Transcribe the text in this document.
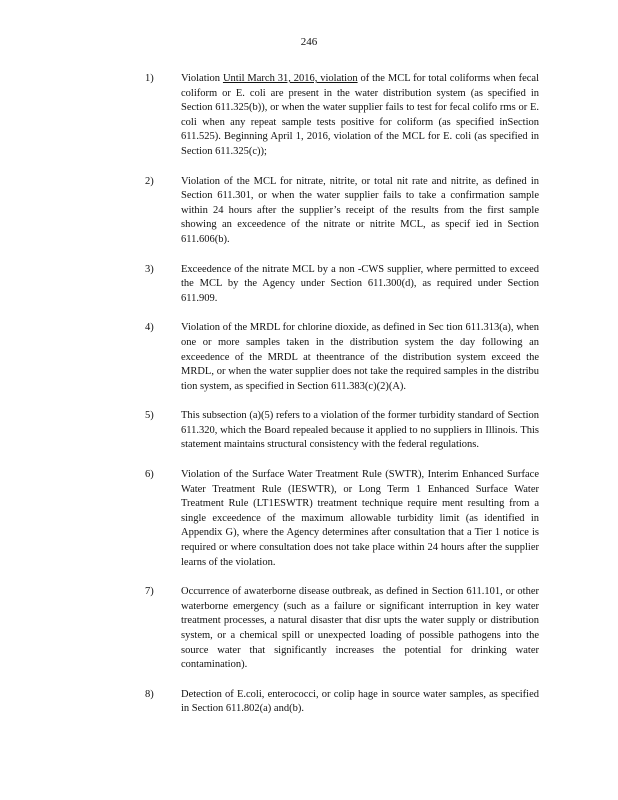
246
1)	Violation Until March 31, 2016, violation of the MCL for total coliforms when fecal coliform or E. coli are present in the water distribution system (as specified in Section 611.325(b)), or when the water supplier fails to test for fecal colifo rms or E. coli when any repeat sample tests positive for coliform (as specified inSection 611.525). Beginning April 1, 2016, violation of the MCL for E. coli (as specified in Section 611.325(c));
2)	Violation of the MCL for nitrate, nitrite, or total nit rate and nitrite, as defined in Section 611.301, or when the water supplier fails to take a confirmation sample within 24 hours after the supplier’s receipt of the results from the first sample showing an exceedence of the nitrate or nitrite MCL, as specif ied in Section 611.606(b).
3)	Exceedence of the nitrate MCL by a non -CWS supplier, where permitted to exceed the MCL by the Agency under Section 611.300(d), as required under Section 611.909.
4)	Violation of the MRDL for chlorine dioxide, as defined in Sec tion 611.313(a), when one or more samples taken in the distribution system the day following an exceedence of the MRDL at theentrance of the distribution system exceed the MRDL, or when the water supplier does not take the required samples in the distribu tion system, as specified in Section 611.383(c)(2)(A).
5)	This subsection (a)(5) refers to a violation of the former turbidity standard of Section 611.320, which the Board repealed because it applied to no suppliers in Illinois. This statement maintains structural consistency with the federal regulations.
6)	Violation of the Surface Water Treatment Rule (SWTR), Interim Enhanced Surface Water Treatment Rule (IESWTR), or Long Term 1 Enhanced Surface Water Treatment Rule (LT1ESWTR) treatment technique require ment resulting from a single exceedence of the maximum allowable turbidity limit (as identified in Appendix G), where the Agency determines after consultation that a Tier 1 notice is required or where consultation does not take place within 24 hours after the supplier learns of the violation.
7)	Occurrence of awaterborne disease outbreak, as defined in Section 611.101, or other waterborne emergency (such as a failure or significant interruption in key water treatment processes, a natural disaster that disr upts the water supply or distribution system, or a chemical spill or unexpected loading of possible pathogens into the source water that significantly increases the potential for drinking water contamination).
8)	Detection of E.coli, enterococci, or colip hage in source water samples, as specified in Section 611.802(a) and(b).
